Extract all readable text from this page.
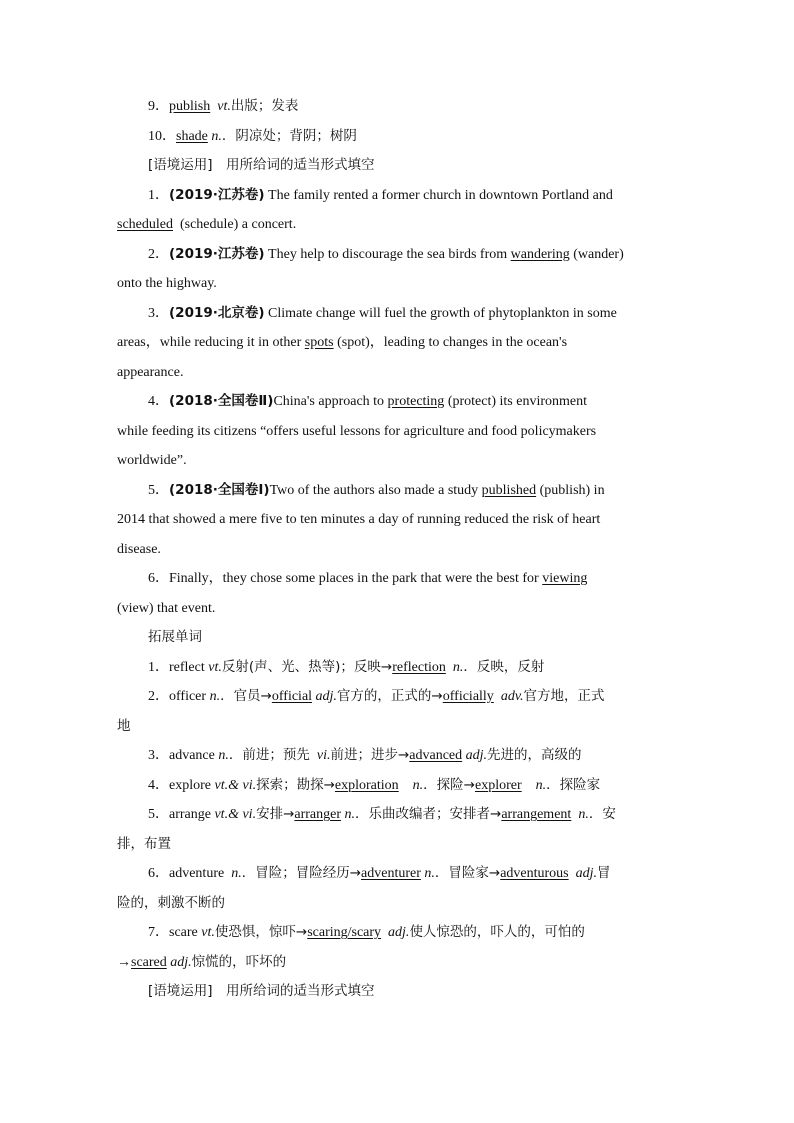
9．publish vt.出版；发表
10．shade n.．阴凉处；背阴；树阴
[语境运用]　用所给词的适当形式填空
1．(2019·江苏卷) The family rented a former church in downtown Portland and
scheduled (schedule) a concert.
2．(2019·江苏卷) They help to discourage the sea birds from wandering (wander)
onto the highway.
3．(2019·北京卷) Climate change will fuel the growth of phytoplankton in some
areas，while reducing it in other spots (spot)，leading to changes in the ocean's
appearance.
4．(2018·全国卷Ⅱ)China's approach to protecting (protect) its environment
while feeding its citizens “offers useful lessons for agriculture and food policymakers
worldwide”.
5．(2018·全国卷Ⅰ)Two of the authors also made a study published (publish) in
2014 that showed a mere five to ten minutes a day of running reduced the risk of heart
disease.
6．Finally，they chose some places in the park that were the best for viewing
(view) that event.
拓展单词
1．reflect vt.反射(声、光、热等)；反映→reflection n.．反映，反射
2．officer n.．官员→official adj.官方的，正式的→officially adv.官方地，正式
地
3．advance n.．前进；预先 vi.前进；进步→advanced adj.先进的，高级的
4．explore vt.& vi.探索；勘探→exploration n.．探险→explorer n.．探险家
5．arrange vt.& vi.安排→arranger n.．乐曲改编者；安排者→arrangement n.．安
排，布置
6．adventure n.．冒险；冒险经历→adventurer n.．冒险家→adventurous adj.冒
险的，刺激不断的
7．scare vt.使恐惧，惊吓→scaring/scary adj.使人惊恐的，吓人的，可怕的
→scared adj.惊慌的，吓坏的
[语境运用]　用所给词的适当形式填空
